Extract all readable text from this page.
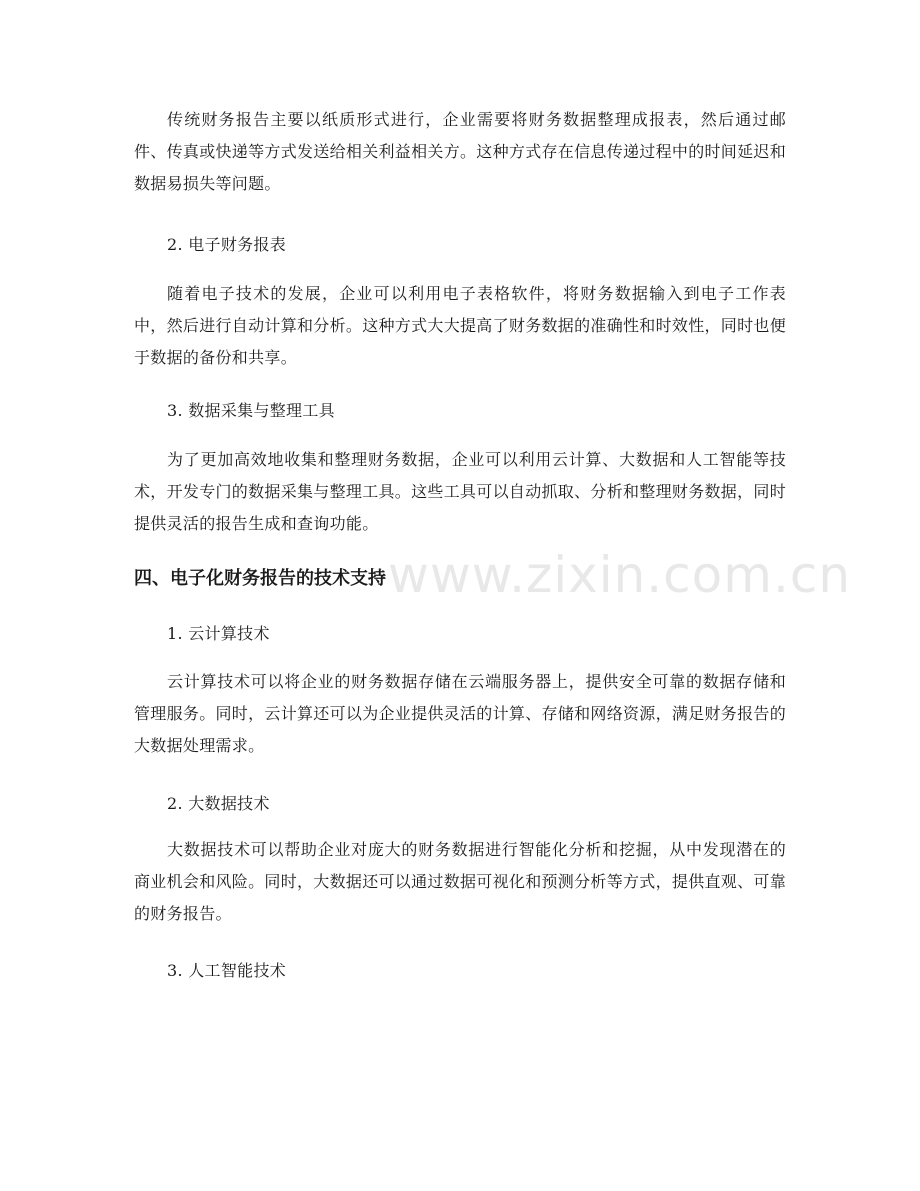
传统财务报告主要以纸质形式进行，企业需要将财务数据整理成报表，然后通过邮件、传真或快递等方式发送给相关利益相关方。这种方式存在信息传递过程中的时间延迟和数据易损失等问题。

2. 电子财务报表

随着电子技术的发展，企业可以利用电子表格软件，将财务数据输入到电子工作表中，然后进行自动计算和分析。这种方式大大提高了财务数据的准确性和时效性，同时也便于数据的备份和共享。

3. 数据采集与整理工具

为了更加高效地收集和整理财务数据，企业可以利用云计算、大数据和人工智能等技术，开发专门的数据采集与整理工具。这些工具可以自动抓取、分析和整理财务数据，同时提供灵活的报告生成和查询功能。

四、电子化财务报告的技术支持
1. 云计算技术

云计算技术可以将企业的财务数据存储在云端服务器上，提供安全可靠的数据存储和管理服务。同时，云计算还可以为企业提供灵活的计算、存储和网络资源，满足财务报告的大数据处理需求。

2. 大数据技术

大数据技术可以帮助企业对庞大的财务数据进行智能化分析和挖掘，从中发现潜在的商业机会和风险。同时，大数据还可以通过数据可视化和预测分析等方式，提供直观、可靠的财务报告。

3. 人工智能技术
www.zixin.com.cn
